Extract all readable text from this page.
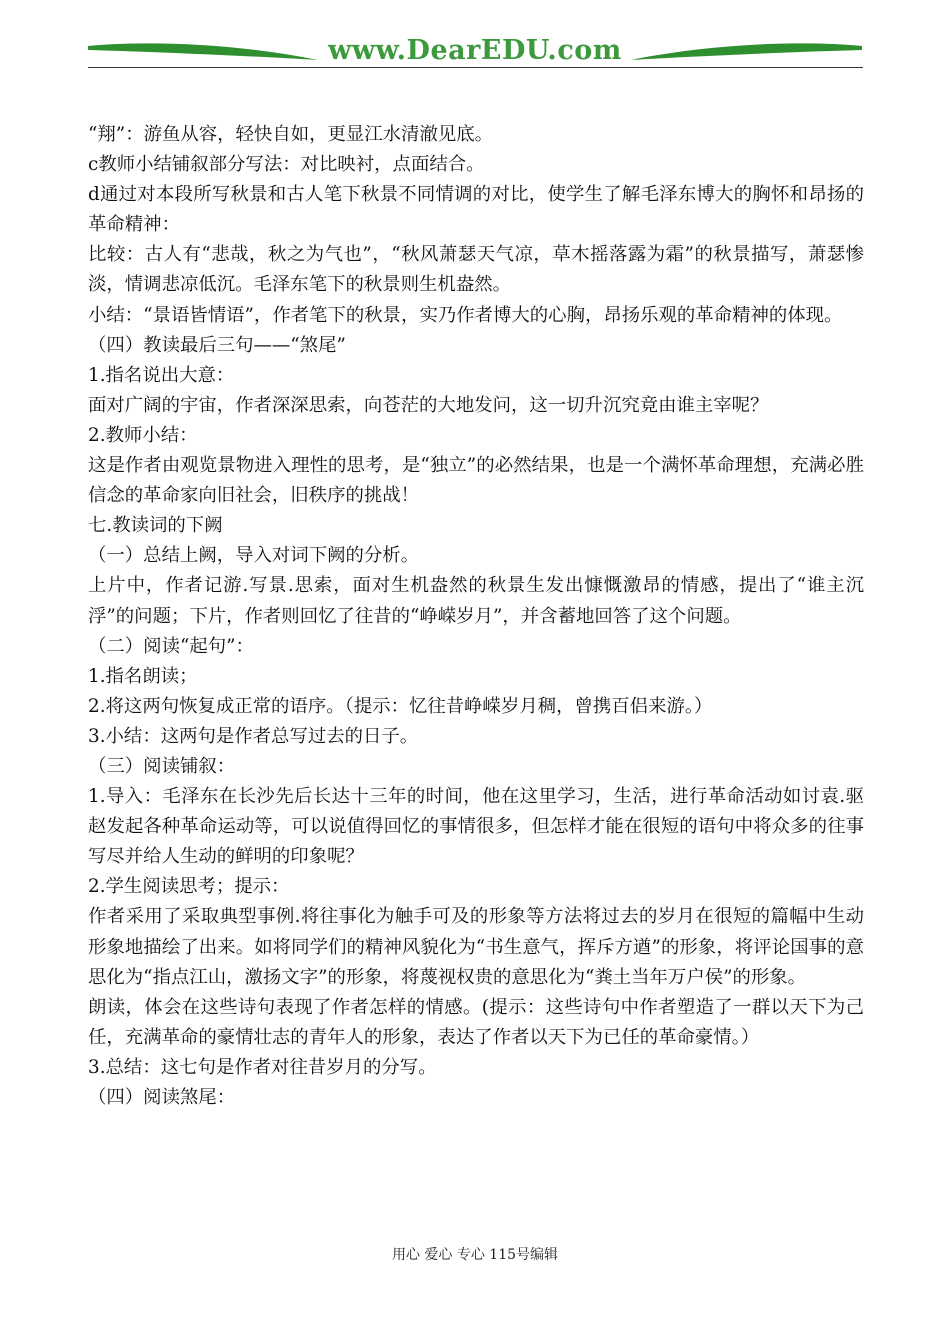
www.DearEDU.com

“翔”：游鱼从容，轻快自如，更显江水清澈见底。

c教师小结铺叙部分写法：对比映衬，点面结合。

d通过对本段所写秋景和古人笔下秋景不同情调的对比，使学生了解毛泽东博大的胸怀和昂扬的革命精神：

比较：古人有“悲哉，秋之为气也”，“秋风萧瑟天气凉，草木摇落露为霜”的秋景描写，萧瑟惨淡，情调悲凉低沉。毛泽东笔下的秋景则生机盎然。

小结：“景语皆情语”，作者笔下的秋景，实乃作者博大的心胸，昂扬乐观的革命精神的体现。

（四）教读最后三句——“煞尾”

1.指名说出大意：

面对广阔的宇宙，作者深深思索，向苍茫的大地发问，这一切升沉究竟由谁主宰呢？

2.教师小结：

这是作者由观览景物进入理性的思考，是“独立”的必然结果，也是一个满怀革命理想，充满必胜信念的革命家向旧社会，旧秩序的挑战！

七.教读词的下阙

（一）总结上阙，导入对词下阙的分析。

上片中，作者记游.写景.思索，面对生机盎然的秋景生发出慷慨激昂的情感，提出了“谁主沉浮”的问题；下片，作者则回忆了往昔的“峥嵘岁月”，并含蓄地回答了这个问题。

（二）阅读“起句”：

1.指名朗读；

2.将这两句恢复成正常的语序。（提示：忆往昔峥嵘岁月稠，曾携百侣来游。）

3.小结：这两句是作者总写过去的日子。

（三）阅读铺叙：

1.导入：毛泽东在长沙先后长达十三年的时间，他在这里学习，生活，进行革命活动如讨袁.驱赵发起各种革命运动等，可以说值得回忆的事情很多，但怎样才能在很短的语句中将众多的往事写尽并给人生动的鲜明的印象呢？

2.学生阅读思考；提示：

作者采用了采取典型事例.将往事化为触手可及的形象等方法将过去的岁月在很短的篇幅中生动形象地描绘了出来。如将同学们的精神风貌化为“书生意气，挥斥方遒”的形象，将评论国事的意思化为“指点江山，激扬文字”的形象，将蔑视权贵的意思化为“粪土当年万户侯”的形象。

朗读，体会在这些诗句表现了作者怎样的情感。(提示：这些诗句中作者塑造了一群以天下为己任，充满革命的豪情壮志的青年人的形象，表达了作者以天下为已任的革命豪情。）

3.总结：这七句是作者对往昔岁月的分写。

（四）阅读煞尾：

用心 爱心 专心 115号编辑
